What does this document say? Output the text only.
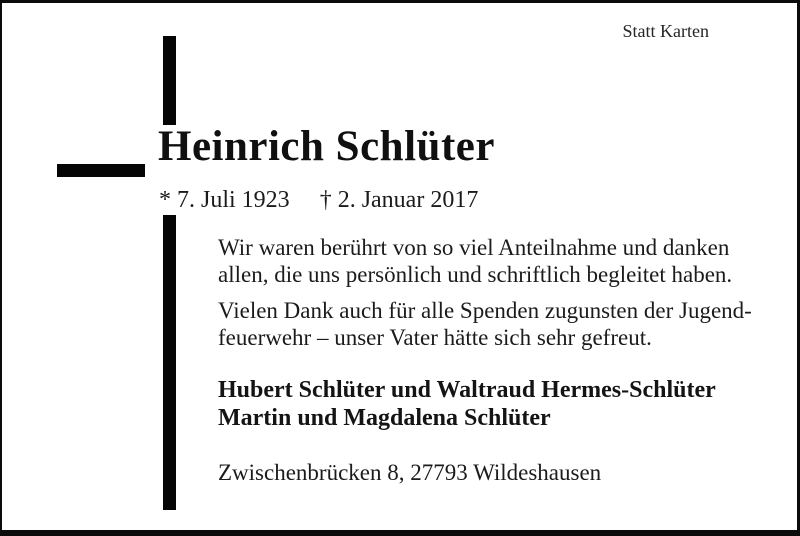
Statt Karten
Heinrich Schlüter
* 7. Juli 1923 † 2. Januar 2017

Wir waren berührt von so viel Anteilnahme und danken
allen, die uns persönlich und schriftlich begleitet haben.

Vielen Dank auch für alle Spenden zugunsten der Jugend-
feuerwehr – unser Vater hätte sich sehr gefreut.

Hubert Schlüter und Waltraud Hermes-Schlüter
Martin und Magdalena Schlüter

Zwischenbrücken 8, 27793 Wildeshausen
